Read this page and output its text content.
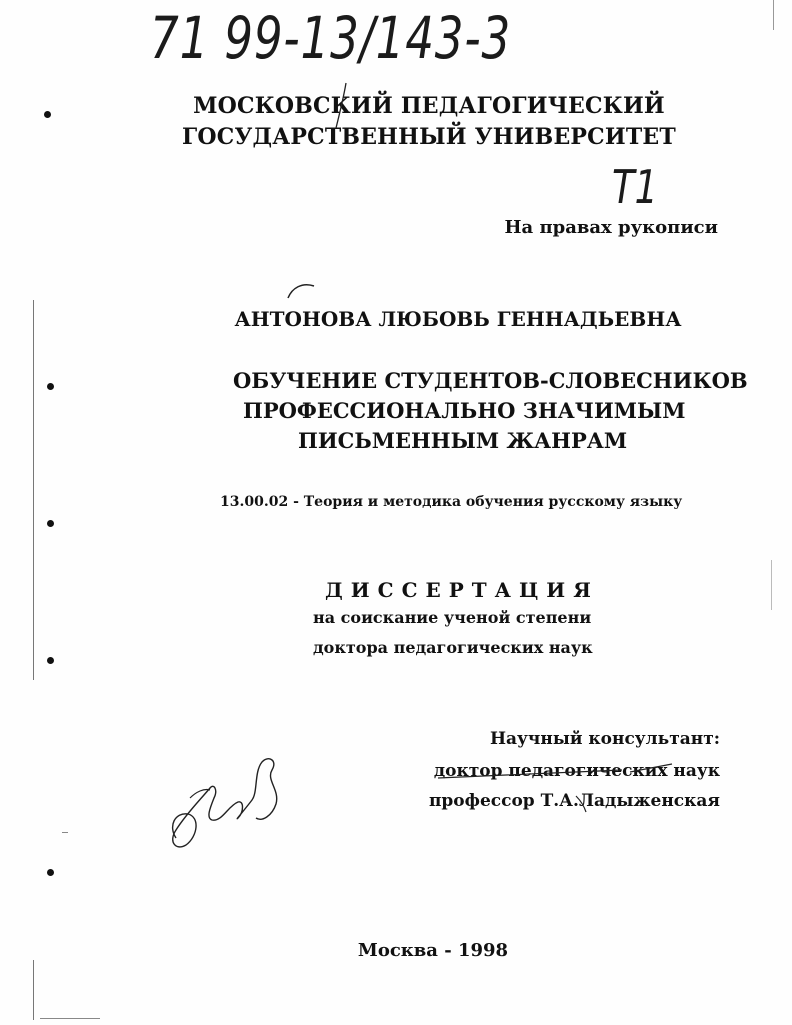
71 99-13/143-3
МОСКОВСКИЙ ПЕДАГОГИЧЕСКИЙ
ГОСУДАРСТВЕННЫЙ УНИВЕРСИТЕТ
T1
На правах рукописи
АНТОНОВА ЛЮБОВЬ ГЕННАДЬЕВНА
ОБУЧЕНИЕ СТУДЕНТОВ-СЛОВЕСНИКОВ
ПРОФЕССИОНАЛЬНО ЗНАЧИМЫМ
ПИСЬМЕННЫМ ЖАНРАМ
13.00.02 - Теория и методика обучения русскому языку
ДИССЕРТАЦИЯ
на соискание ученой степени
доктора педагогических наук
Научный консультант:
доктор педагогических наук
профессор Т.А.Ладыженская
Москва - 1998
